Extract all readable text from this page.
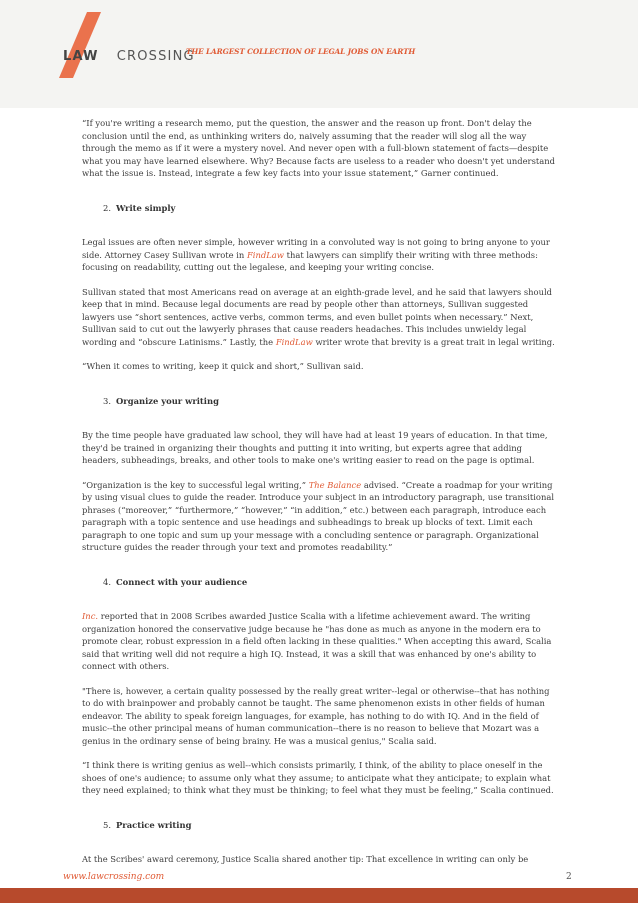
LAW CROSSING
THE LARGEST COLLECTION OF LEGAL JOBS ON EARTH

“If you're writing a research memo, put the question, the answer and the reason up front. Don't delay the conclusion until the end, as unthinking writers do, naively assuming that the reader will slog all the way through the memo as if it were a mystery novel. And never open with a full-blown statement of facts—despite what you may have learned elsewhere. Why? Because facts are useless to a reader who doesn't yet understand what the issue is. Instead, integrate a few key facts into your issue statement,” Garner continued.

2. Write simply

Legal issues are often never simple, however writing in a convoluted way is not going to bring anyone to your side. Attorney Casey Sullivan wrote in FindLaw that lawyers can simplify their writing with three methods: focusing on readability, cutting out the legalese, and keeping your writing concise.

Sullivan stated that most Americans read on average at an eighth-grade level, and he said that lawyers should keep that in mind. Because legal documents are read by people other than attorneys, Sullivan suggested lawyers use “short sentences, active verbs, common terms, and even bullet points when necessary.” Next, Sullivan said to cut out the lawyerly phrases that cause readers headaches. This includes unwieldy legal wording and “obscure Latinisms.” Lastly, the FindLaw writer wrote that brevity is a great trait in legal writing.

“When it comes to writing, keep it quick and short,” Sullivan said.

3. Organize your writing

By the time people have graduated law school, they will have had at least 19 years of education. In that time, they'd be trained in organizing their thoughts and putting it into writing, but experts agree that adding headers, subheadings, breaks, and other tools to make one's writing easier to read on the page is optimal.

“Organization is the key to successful legal writing,” The Balance advised. “Create a roadmap for your writing by using visual clues to guide the reader. Introduce your subject in an introductory paragraph, use transitional phrases (“moreover,” “furthermore,” “however,” “in addition,” etc.) between each paragraph, introduce each paragraph with a topic sentence and use headings and subheadings to break up blocks of text. Limit each paragraph to one topic and sum up your message with a concluding sentence or paragraph. Organizational structure guides the reader through your text and promotes readability.”

4. Connect with your audience

Inc. reported that in 2008 Scribes awarded Justice Scalia with a lifetime achievement award. The writing organization honored the conservative judge because he "has done as much as anyone in the modern era to promote clear, robust expression in a field often lacking in these qualities." When accepting this award, Scalia said that writing well did not require a high IQ. Instead, it was a skill that was enhanced by one's ability to connect with others.

"There is, however, a certain quality possessed by the really great writer--legal or otherwise--that has nothing to do with brainpower and probably cannot be taught. The same phenomenon exists in other fields of human endeavor. The ability to speak foreign languages, for example, has nothing to do with IQ. And in the field of music--the other principal means of human communication--there is no reason to believe that Mozart was a genius in the ordinary sense of being brainy. He was a musical genius," Scalia said.

“I think there is writing genius as well--which consists primarily, I think, of the ability to place oneself in the shoes of one's audience; to assume only what they assume; to anticipate what they anticipate; to explain what they need explained; to think what they must be thinking; to feel what they must be feeling,” Scalia continued.

5. Practice writing

At the Scribes' award ceremony, Justice Scalia shared another tip: That excellence in writing can only be

www.lawcrossing.com	2
